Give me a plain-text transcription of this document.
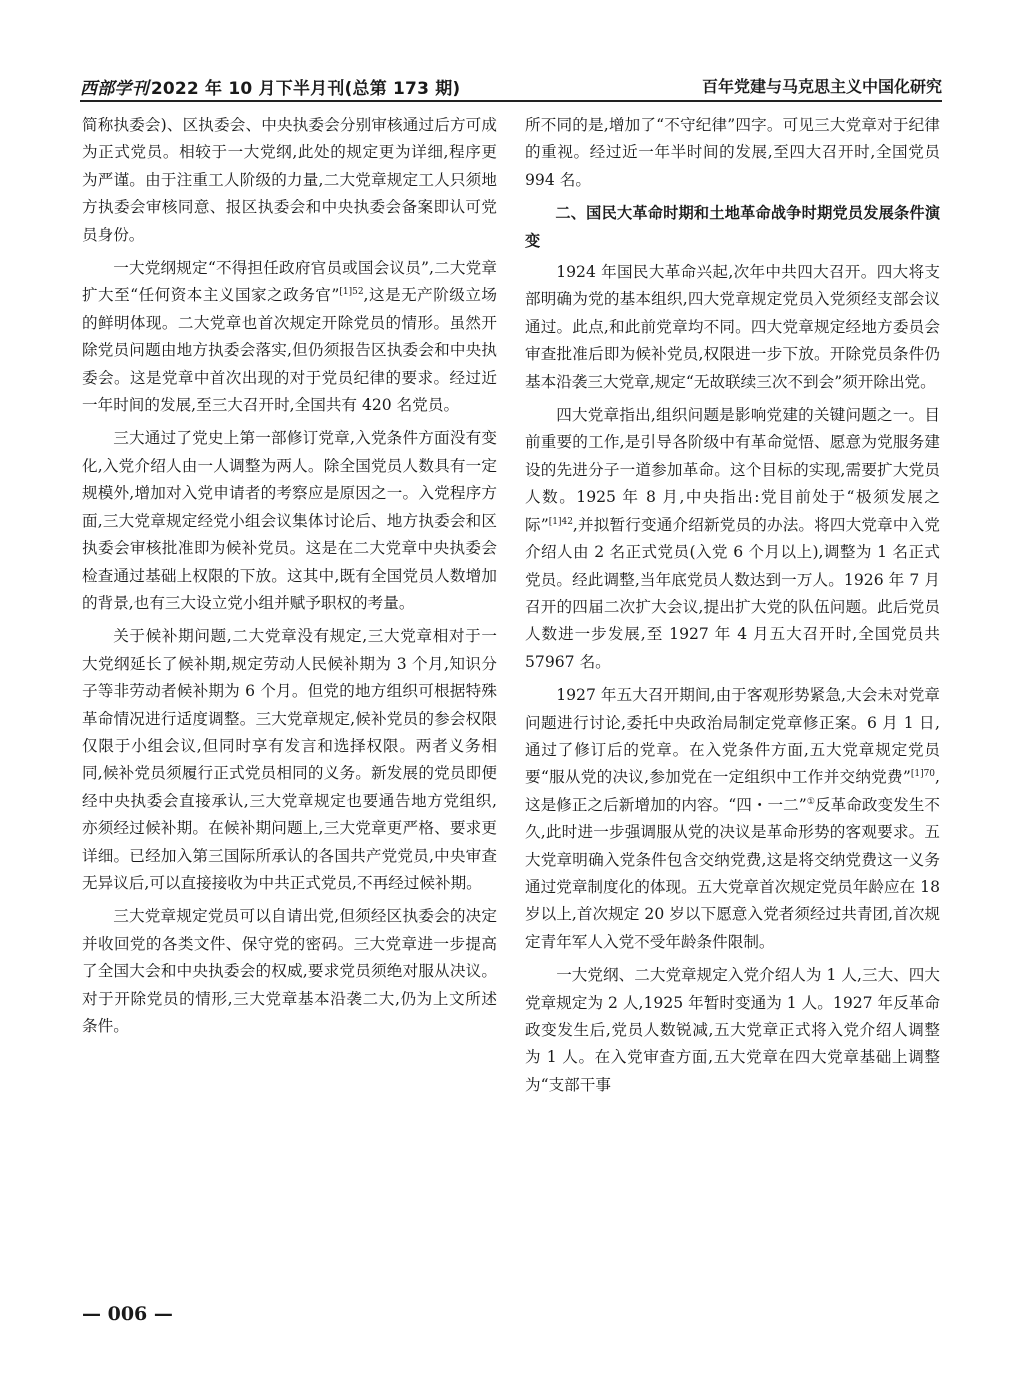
西部学刊 2022 年 10 月下半月刊(总第 173 期)	百年党建与马克思主义中国化研究

简称执委会)、区执委会、中央执委会分别审核通过后方可成为正式党员。相较于一大党纲,此处的规定更为详细,程序更为严谨。由于注重工人阶级的力量,二大党章规定工人只须地方执委会审核同意、报区执委会和中央执委会备案即认可党员身份。

一大党纲规定“不得担任政府官员或国会议员”,二大党章扩大至“任何资本主义国家之政务官”$^{[1]52}$,这是无产阶级立场的鲜明体现。二大党章也首次规定开除党员的情形。虽然开除党员问题由地方执委会落实,但仍须报告区执委会和中央执委会。这是党章中首次出现的对于党员纪律的要求。经过近一年时间的发展,至三大召开时,全国共有 420 名党员。

三大通过了党史上第一部修订党章,入党条件方面没有变化,入党介绍人由一人调整为两人。除全国党员人数具有一定规模外,增加对入党申请者的考察应是原因之一。入党程序方面,三大党章规定经党小组会议集体讨论后、地方执委会和区执委会审核批准即为候补党员。这是在二大党章中央执委会检查通过基础上权限的下放。这其中,既有全国党员人数增加的背景,也有三大设立党小组并赋予职权的考量。

关于候补期问题,二大党章没有规定,三大党章相对于一大党纲延长了候补期,规定劳动人民候补期为 3 个月,知识分子等非劳动者候补期为 6 个月。但党的地方组织可根据特殊革命情况进行适度调整。三大党章规定,候补党员的参会权限仅限于小组会议,但同时享有发言和选择权限。两者义务相同,候补党员须履行正式党员相同的义务。新发展的党员即便经中央执委会直接承认,三大党章规定也要通告地方党组织,亦须经过候补期。在候补期问题上,三大党章更严格、要求更详细。已经加入第三国际所承认的各国共产党党员,中央审查无异议后,可以直接接收为中共正式党员,不再经过候补期。

三大党章规定党员可以自请出党,但须经区执委会的决定并收回党的各类文件、保守党的密码。三大党章进一步提高了全国大会和中央执委会的权威,要求党员须绝对服从决议。对于开除党员的情形,三大党章基本沿袭二大,仍为上文所述条件。

所不同的是,增加了“不守纪律”四字。可见三大党章对于纪律的重视。经过近一年半时间的发展,至四大召开时,全国党员 994 名。

二、国民大革命时期和土地革命战争时期党员发展条件演变

1924 年国民大革命兴起,次年中共四大召开。四大将支部明确为党的基本组织,四大党章规定党员入党须经支部会议通过。此点,和此前党章均不同。四大党章规定经地方委员会审查批准后即为候补党员,权限进一步下放。开除党员条件仍基本沿袭三大党章,规定“无故联续三次不到会”须开除出党。

四大党章指出,组织问题是影响党建的关键问题之一。目前重要的工作,是引导各阶级中有革命觉悟、愿意为党服务建设的先进分子一道参加革命。这个目标的实现,需要扩大党员人数。1925 年 8 月,中央指出:党目前处于“极须发展之际”$^{[1]42}$,并拟暂行变通介绍新党员的办法。将四大党章中入党介绍人由 2 名正式党员(入党 6 个月以上),调整为 1 名正式党员。经此调整,当年底党员人数达到一万人。1926 年 7 月召开的四届二次扩大会议,提出扩大党的队伍问题。此后党员人数进一步发展,至 1927 年 4 月五大召开时,全国党员共 57967 名。

1927 年五大召开期间,由于客观形势紧急,大会未对党章问题进行讨论,委托中央政治局制定党章修正案。6 月 1 日,通过了修订后的党章。在入党条件方面,五大党章规定党员要“服从党的决议,参加党在一定组织中工作并交纳党费”$^{[1]70}$,这是修正之后新增加的内容。“四・一二”①反革命政变发生不久,此时进一步强调服从党的决议是革命形势的客观要求。五大党章明确入党条件包含交纳党费,这是将交纳党费这一义务通过党章制度化的体现。五大党章首次规定党员年龄应在 18 岁以上,首次规定 20 岁以下愿意入党者须经过共青团,首次规定青年军人入党不受年龄条件限制。

一大党纲、二大党章规定入党介绍人为 1 人,三大、四大党章规定为 2 人,1925 年暂时变通为 1 人。1927 年反革命政变发生后,党员人数锐减,五大党章正式将入党介绍人调整为 1 人。在入党审查方面,五大党章在四大党章基础上调整为“支部干事

— 006 —
